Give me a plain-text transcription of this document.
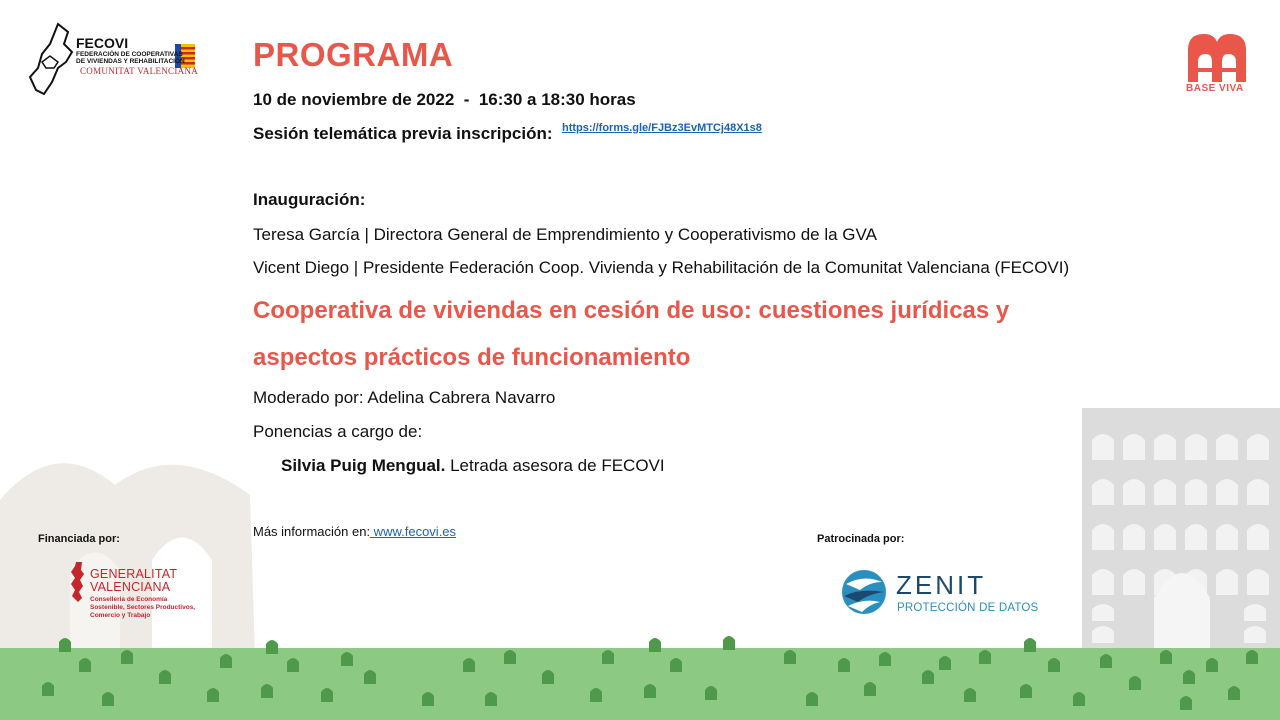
FECOVI
FEDERACIÓN DE COOPERATIVAS
DE VIVIENDAS Y REHABILITACIÓN
COMUNITAT VALENCIANA
BASE VIVA
PROGRAMA
10 de noviembre de 2022  -  16:30 a 18:30 horas
Sesión telemática previa inscripción: https://forms.gle/FJBz3EvMTCj48X1s8
Inauguración:
Teresa García | Directora General de Emprendimiento y Cooperativismo de la GVA
Vicent Diego | Presidente Federación Coop. Vivienda y Rehabilitación de la Comunitat Valenciana (FECOVI)
Cooperativa de viviendas en cesión de uso: cuestiones jurídicas y
aspectos prácticos de funcionamiento
Moderado por: Adelina Cabrera Navarro
Ponencias a cargo de:
Silvia Puig Mengual. Letrada asesora de FECOVI
Más información en: www.fecovi.es
Financiada por:	Patrocinada por:
GENERALITAT
VALENCIANA
Conselleria de Economía
Sostenible, Sectores Productivos,
Comercio y Trabajo
ZENIT
PROTECCIÓN DE DATOS
